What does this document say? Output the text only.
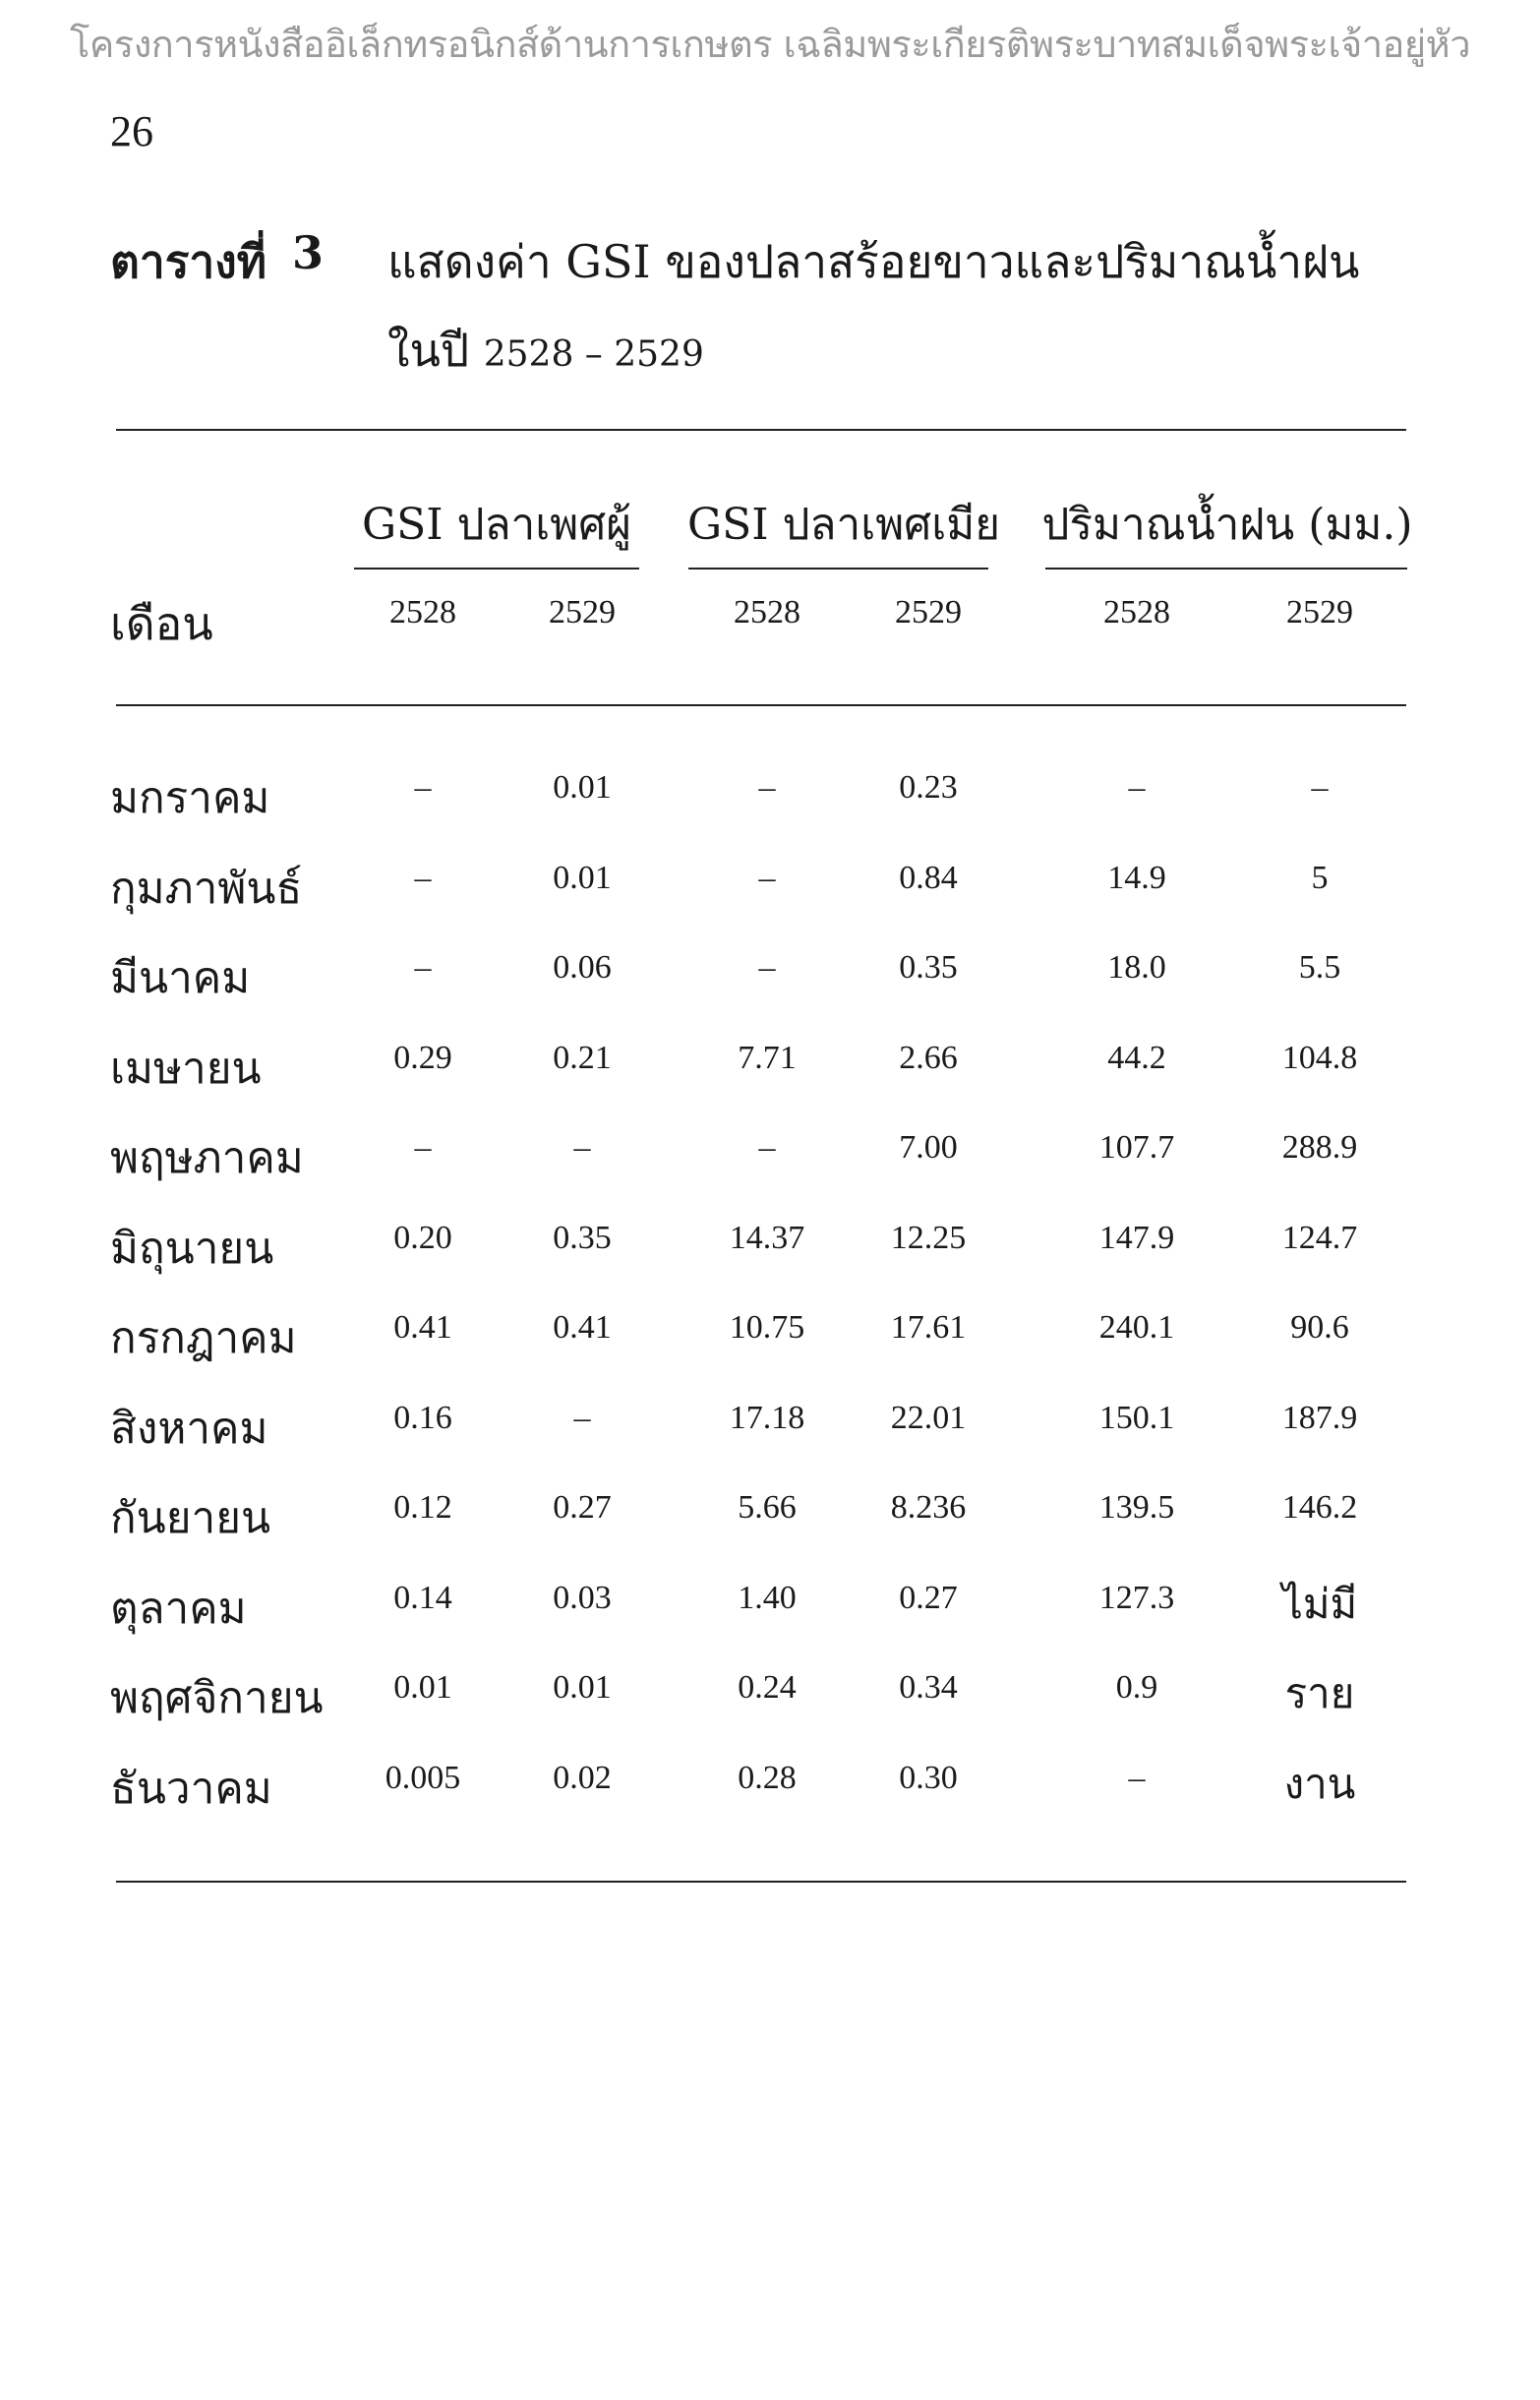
โครงการหนังสืออิเล็กทรอนิกส์ด้านการเกษตร เฉลิมพระเกียรติพระบาทสมเด็จพระเจ้าอยู่หัว
26
ตารางที่ 3 แสดงค่า GSI ของปลาสร้อยขาวและปริมาณน้ำฝน
ในปี 2528 – 2529
GSI ปลาเพศผู้ GSI ปลาเพศเมีย ปริมาณน้ำฝน (มม.)
เดือน	2528	2529	2528	2529	2528	2529
มกราคม	–	0.01	–	0.23	–	–
กุมภาพันธ์	–	0.01	–	0.84	14.9	5
มีนาคม	–	0.06	–	0.35	18.0	5.5
เมษายน	0.29	0.21	7.71	2.66	44.2	104.8
พฤษภาคม	–	–	–	7.00	107.7	288.9
มิถุนายน	0.20	0.35	14.37	12.25	147.9	124.7
กรกฎาคม	0.41	0.41	10.75	17.61	240.1	90.6
สิงหาคม	0.16	–	17.18	22.01	150.1	187.9
กันยายน	0.12	0.27	5.66	8.236	139.5	146.2
ตุลาคม	0.14	0.03	1.40	0.27	127.3	ไม่มี
พฤศจิกายน	0.01	0.01	0.24	0.34	0.9	ราย
ธันวาคม	0.005	0.02	0.28	0.30	–	งาน
